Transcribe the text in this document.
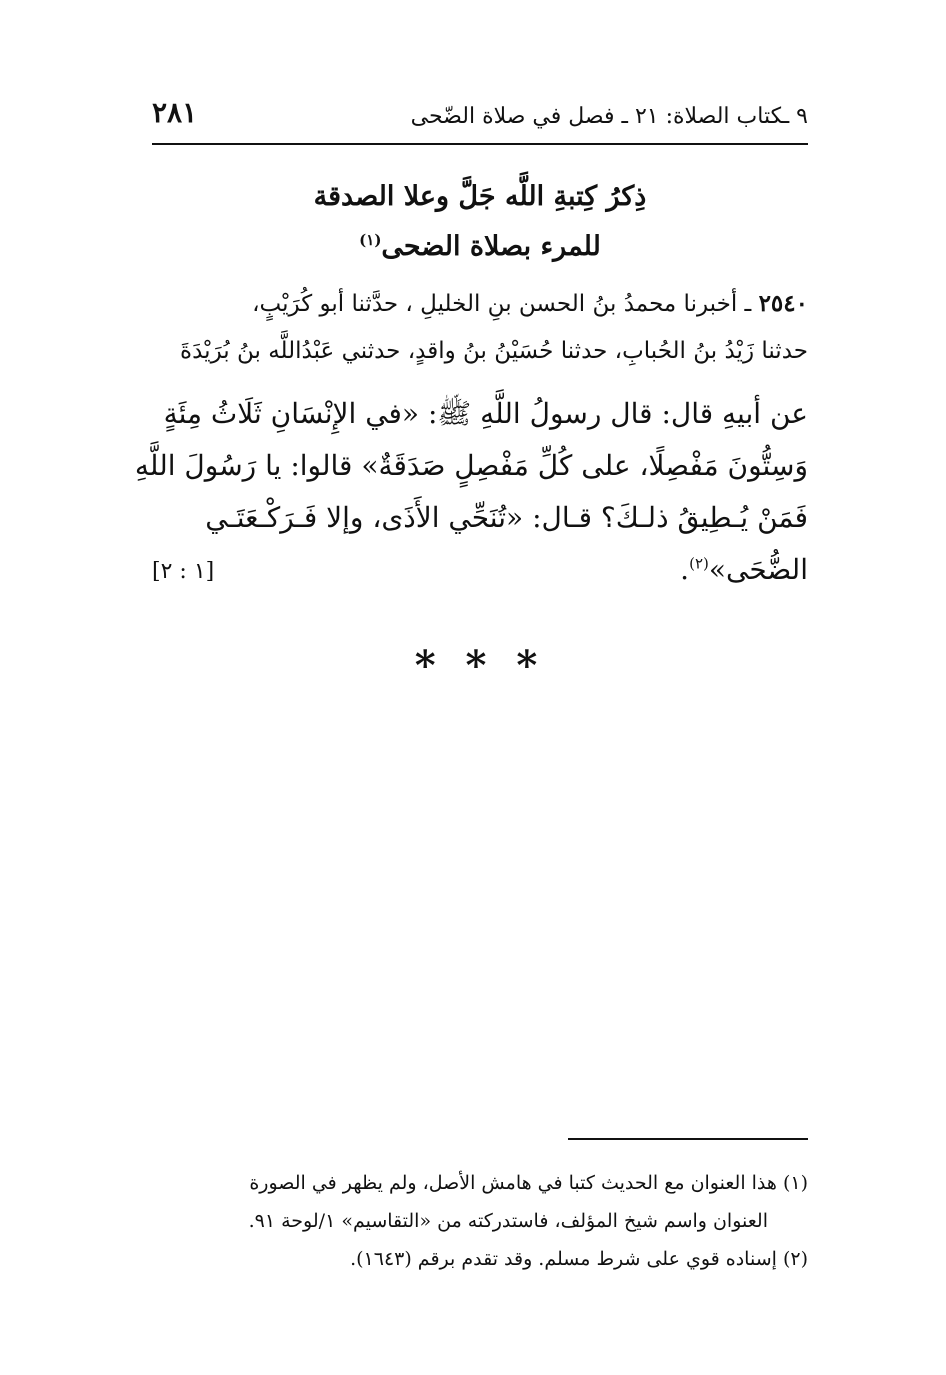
٩ ـكتاب الصلاة: ٢١ ـ فصل في صلاة الضّحى
٢٨١
ذِكرُ كِتبةِ اللَّه جَلَّ وعلا الصدقة
للمرء بصلاة الضحى$^{(١)}$
٢٥٤٠ ـ أخبرنا محمدُ بنُ الحسن بنِ الخليلِ ، حدَّثنا أبو كُرَيْبٍ،
حدثنا زَيْدُ بنُ الحُبابِ، حدثنا حُسَيْنُ بنُ واقدٍ، حدثني عَبْدُاللَّه بنُ بُرَيْدَةَ
عن أبيهِ قال: قال رسولُ اللَّهِ ﷺ: «في الإِنْسَانِ ثَلَاثُ مِئَةٍ
وَسِتُّونَ مَفْصِلًا، على كُلِّ مَفْصِلٍ صَدَقَةٌ» قالوا: يا رَسُولَ اللَّهِ
فَمَنْ يُـطِيقُ ذلـكَ؟ قـال: «تُنَحِّي الأَذَى، وإلا فَـرَكْـعَتَـي
الضُّحَى»$^{(٢)}$.
[١ : ٢]
* * *
(١) هذا العنوان مع الحديث كتبا في هامش الأصل، ولم يظهر في الصورة
العنوان واسم شيخ المؤلف، فاستدركته من «التقاسيم» ١/لوحة ٩١.
(٢) إسناده قوي على شرط مسلم. وقد تقدم برقم (١٦٤٣).
